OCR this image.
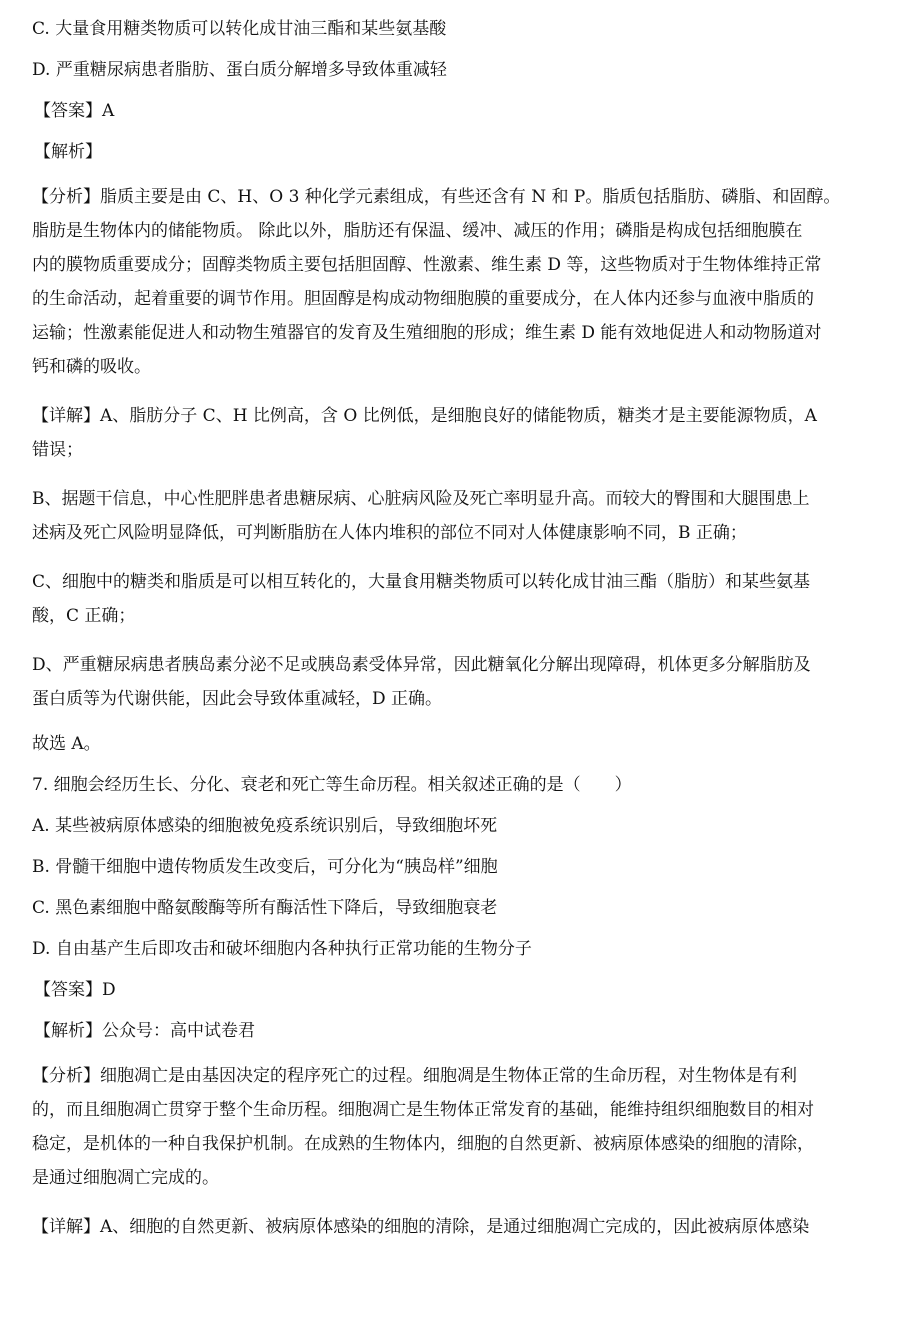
C. 大量食用糖类物质可以转化成甘油三酯和某些氨基酸
D. 严重糖尿病患者脂肪、蛋白质分解增多导致体重减轻
【答案】A
【解析】

【分析】脂质主要是由 C、H、O 3 种化学元素组成，有些还含有 N 和 P。脂质包括脂肪、磷脂、和固醇。

脂肪是生物体内的储能物质。 除此以外，脂肪还有保温、缓冲、减压的作用；磷脂是构成包括细胞膜在

内的膜物质重要成分；固醇类物质主要包括胆固醇、性激素、维生素 D 等，这些物质对于生物体维持正常

的生命活动，起着重要的调节作用。胆固醇是构成动物细胞膜的重要成分，在人体内还参与血液中脂质的

运输；性激素能促进人和动物生殖器官的发育及生殖细胞的形成；维生素 D 能有效地促进人和动物肠道对

钙和磷的吸收。

【详解】A、脂肪分子 C、H 比例高，含 O 比例低，是细胞良好的储能物质，糖类才是主要能源物质，A

错误；

B、据题干信息，中心性肥胖患者患糖尿病、心脏病风险及死亡率明显升高。而较大的臀围和大腿围患上

述病及死亡风险明显降低，可判断脂肪在人体内堆积的部位不同对人体健康影响不同，B 正确；

C、细胞中的糖类和脂质是可以相互转化的，大量食用糖类物质可以转化成甘油三酯（脂肪）和某些氨基

酸，C 正确；

D、严重糖尿病患者胰岛素分泌不足或胰岛素受体异常，因此糖氧化分解出现障碍，机体更多分解脂肪及

蛋白质等为代谢供能，因此会导致体重减轻，D 正确。

故选 A。
7. 细胞会经历生长、分化、衰老和死亡等生命历程。相关叙述正确的是（　　）
A. 某些被病原体感染的细胞被免疫系统识别后，导致细胞坏死
B. 骨髓干细胞中遗传物质发生改变后，可分化为“胰岛样”细胞
C. 黑色素细胞中酪氨酸酶等所有酶活性下降后，导致细胞衰老
D. 自由基产生后即攻击和破坏细胞内各种执行正常功能的生物分子
【答案】D
【解析】公众号：高中试卷君

【分析】细胞凋亡是由基因决定的程序死亡的过程。细胞凋是生物体正常的生命历程，对生物体是有利

的，而且细胞凋亡贯穿于整个生命历程。细胞凋亡是生物体正常发育的基础，能维持组织细胞数目的相对

稳定，是机体的一种自我保护机制。在成熟的生物体内，细胞的自然更新、被病原体感染的细胞的清除，

是通过细胞凋亡完成的。

【详解】A、细胞的自然更新、被病原体感染的细胞的清除，是通过细胞凋亡完成的，因此被病原体感染
